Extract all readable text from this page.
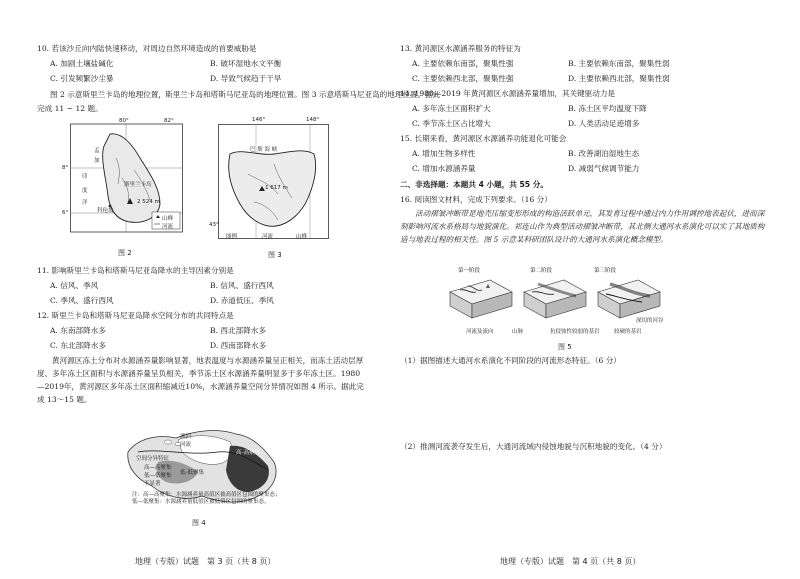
10. 若该沙丘向内陆快速移动，对周边自然环境造成的首要威胁是
A. 加剧土壤盐碱化	B. 破坏湿地水文平衡
C. 引发频繁沙尘暴	D. 导致气候趋于干旱
图 2 示意斯里兰卡岛的地理位置， 斯里兰卡岛和塔斯马尼亚岛的地理位置。图 3 示意塔斯马尼亚岛的地理位置。据此
完成 11 ~ 12 题。
80°	82°
8°
6°
孟
加
印
度
洋
斯里兰卡岛
2 524 m
科伦坡
山峰
河流
图 2
146°	148°
43°
巴 斯 海 峡
1 617 m
图例	河流	山峰
图 3
11. 影响斯里兰卡岛和塔斯马尼亚岛降水的主导因素分别是
A. 信风、季风	B. 信风、盛行西风
C. 季风、盛行西风	D. 赤道低压、季风
12. 斯里兰卡岛和塔斯马尼亚岛降水空间分布的共同特点是
A. 东南部降水多	B. 西北部降水多
C. 东北部降水多	D. 西南部降水多
黄河源区冻土分布对水源涵养量影响显著，地表温度与水源涵养量呈正相关，而冻土活动层厚度、多年冻土区面积与水源涵养量呈负相关，季节冻土区水源涵养量明显多于多年冻土区。1980—2019年，黄河源区多年冻土区面积缩减近10%，水源涵养量空间分异情况如图 4 所示。据此完成 13～15 题。
湖泊
河流
空间分异特征
高—高聚集
低—低聚集
不显著
高-高聚集
低-低聚集
注：高—高聚集：水源涵养量高值区被高值区包围的聚集态；低—低聚集：水源涵养量低值区被低值区包围的聚集态。
图 4
地理（专版）试题　第 3 页（共 8 页）
13. 黄河源区水源涵养服务的特征为
A. 主要依赖东南部，聚集性强	B. 主要依赖东南部，聚集性弱
C. 主要依赖西北部，聚集性强	D. 主要依赖西北部，聚集性弱
14. 1980—2019 年黄河源区水源涵养量增加，其关键驱动力是
A. 多年冻土区面积扩大	B. 冻土区平均温度下降
C. 季节冻土区占比增大	D. 人类活动足迹增多
15. 长期来看，黄河源区水源涵养功能退化可能会
A. 增加生物多样性	B. 改善湖泊湿地生态
C. 增加水源涵养量	D. 减弱气候调节能力
二、非选择题：本题共 4 小题，共 55 分。
16. 阅读图文材料，完成下列要求。（16 分）
活动褶皱冲断带是地壳压缩变形形成的构造活跃单元，其发育过程中通过内力作用调控地表起伏，进而深刻影响河流水系格局与地貌演化。祁连山作为典型活动褶皱冲断带，其北侧大通河水系演化可以实了其地质构造与地表过程的相关性。图 5 示意某科研团队设计的大通河水系演化概念模型。
第一阶段	第二阶段	第三阶段
深切的河谷
河流及流向	山脉	抗侵蚀性较弱的基岩	较硬的基岩
图 5
（1）据图描述大通河水系演化不同阶段的河流形态特征。（6 分）
（2）推测河流袭夺发生后，大通河流域内侵蚀地貌与沉积地貌的变化。（4 分）
地理（专版）试题　第 4 页（共 8 页）
